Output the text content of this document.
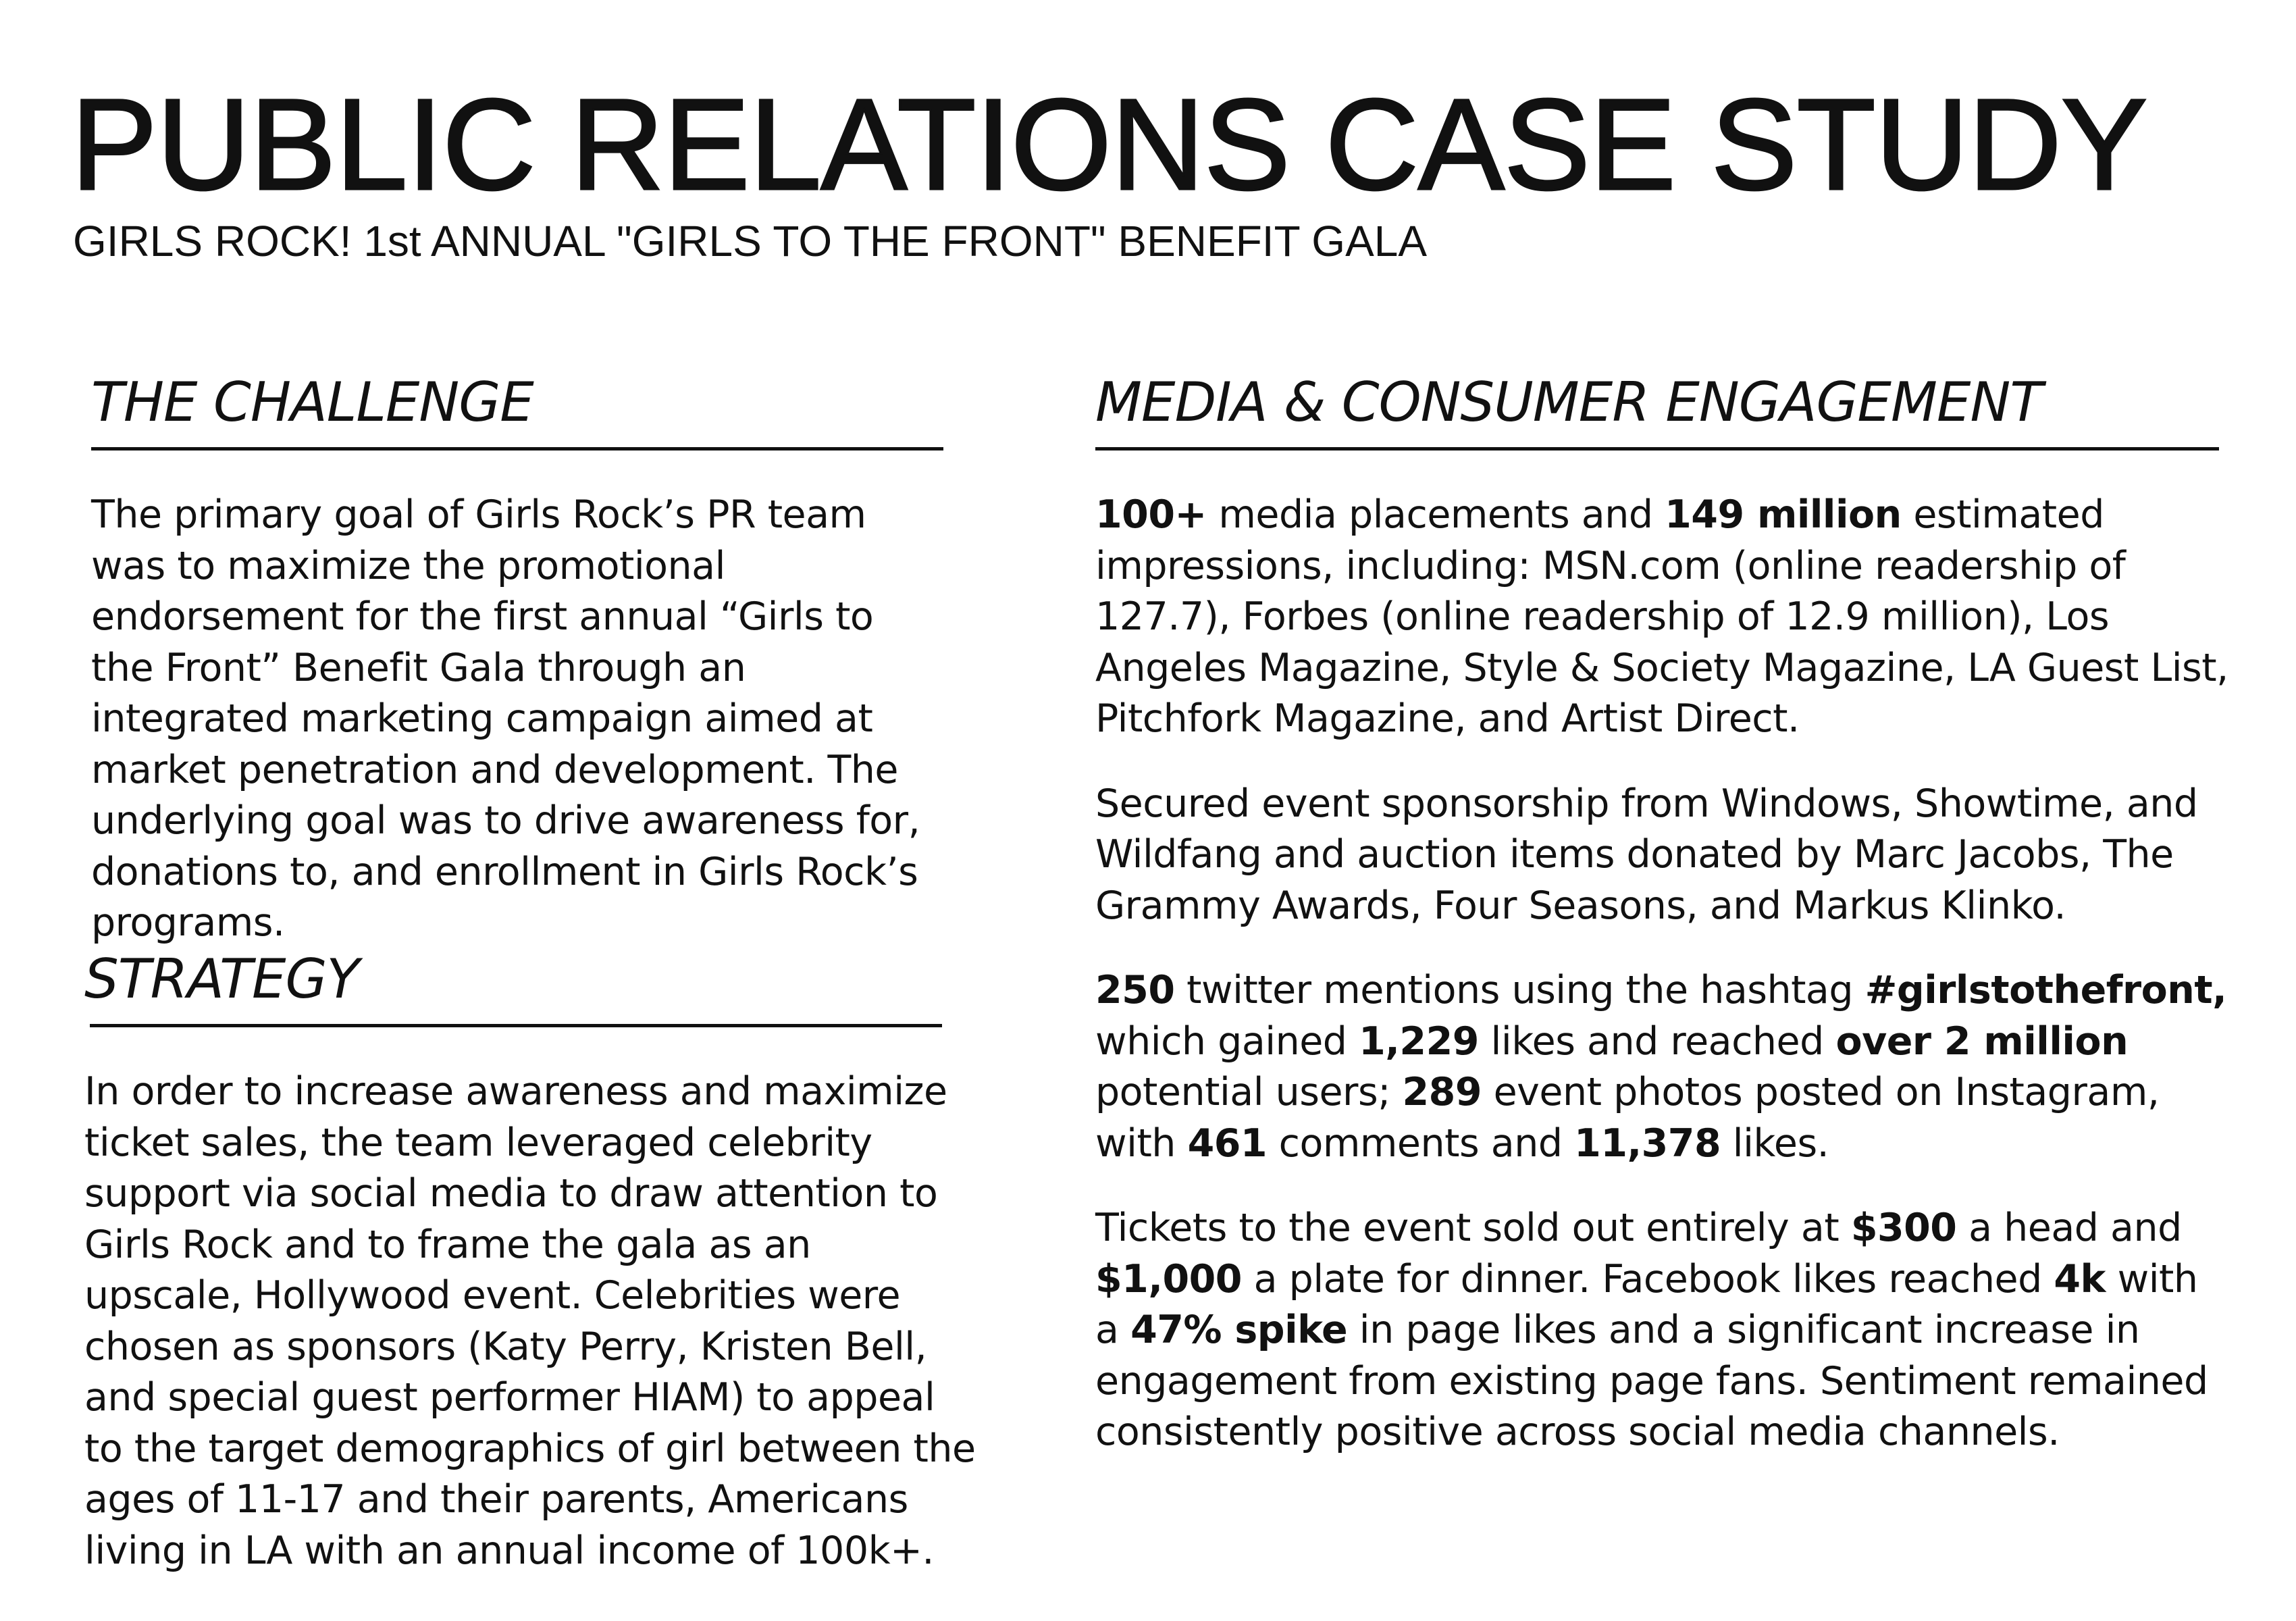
PUBLIC RELATIONS CASE STUDY
GIRLS ROCK! 1st ANNUAL "GIRLS TO THE FRONT" BENEFIT GALA
THE CHALLENGE

The primary goal of Girls Rock’s PR team was to maximize the promotional endorsement for the first annual “Girls to the Front” Benefit Gala through an integrated marketing campaign aimed at market penetration and development. The underlying goal was to drive awareness for, donations to, and enrollment in Girls Rock’s programs.

STRATEGY

In order to increase awareness and maximize ticket sales, the team leveraged celebrity support via social media to draw attention to Girls Rock and to frame the gala as an upscale, Hollywood event. Celebrities were chosen as sponsors (Katy Perry, Kristen Bell, and special guest performer HIAM) to appeal to the target demographics of girl between the ages of 11-17 and their parents, Americans living in LA with an annual income of 100k+.

MEDIA & CONSUMER ENGAGEMENT

100+ media placements and 149 million estimated impressions, including: MSN.com (online readership of 127.7), Forbes (online readership of 12.9 million), Los Angeles Magazine, Style & Society Magazine, LA Guest List, Pitchfork Magazine, and Artist Direct.

Secured event sponsorship from Windows, Showtime, and Wildfang and auction items donated by Marc Jacobs, The Grammy Awards, Four Seasons, and Markus Klinko.

250 twitter mentions using the hashtag #girlstothefront, which gained 1,229 likes and reached over 2 million potential users; 289 event photos posted on Instagram, with 461 comments and 11,378 likes.

Tickets to the event sold out entirely at $300 a head and $1,000 a plate for dinner. Facebook likes reached 4k with a 47% spike in page likes and a significant increase in engagement from existing page fans. Sentiment remained consistently positive across social media channels.
